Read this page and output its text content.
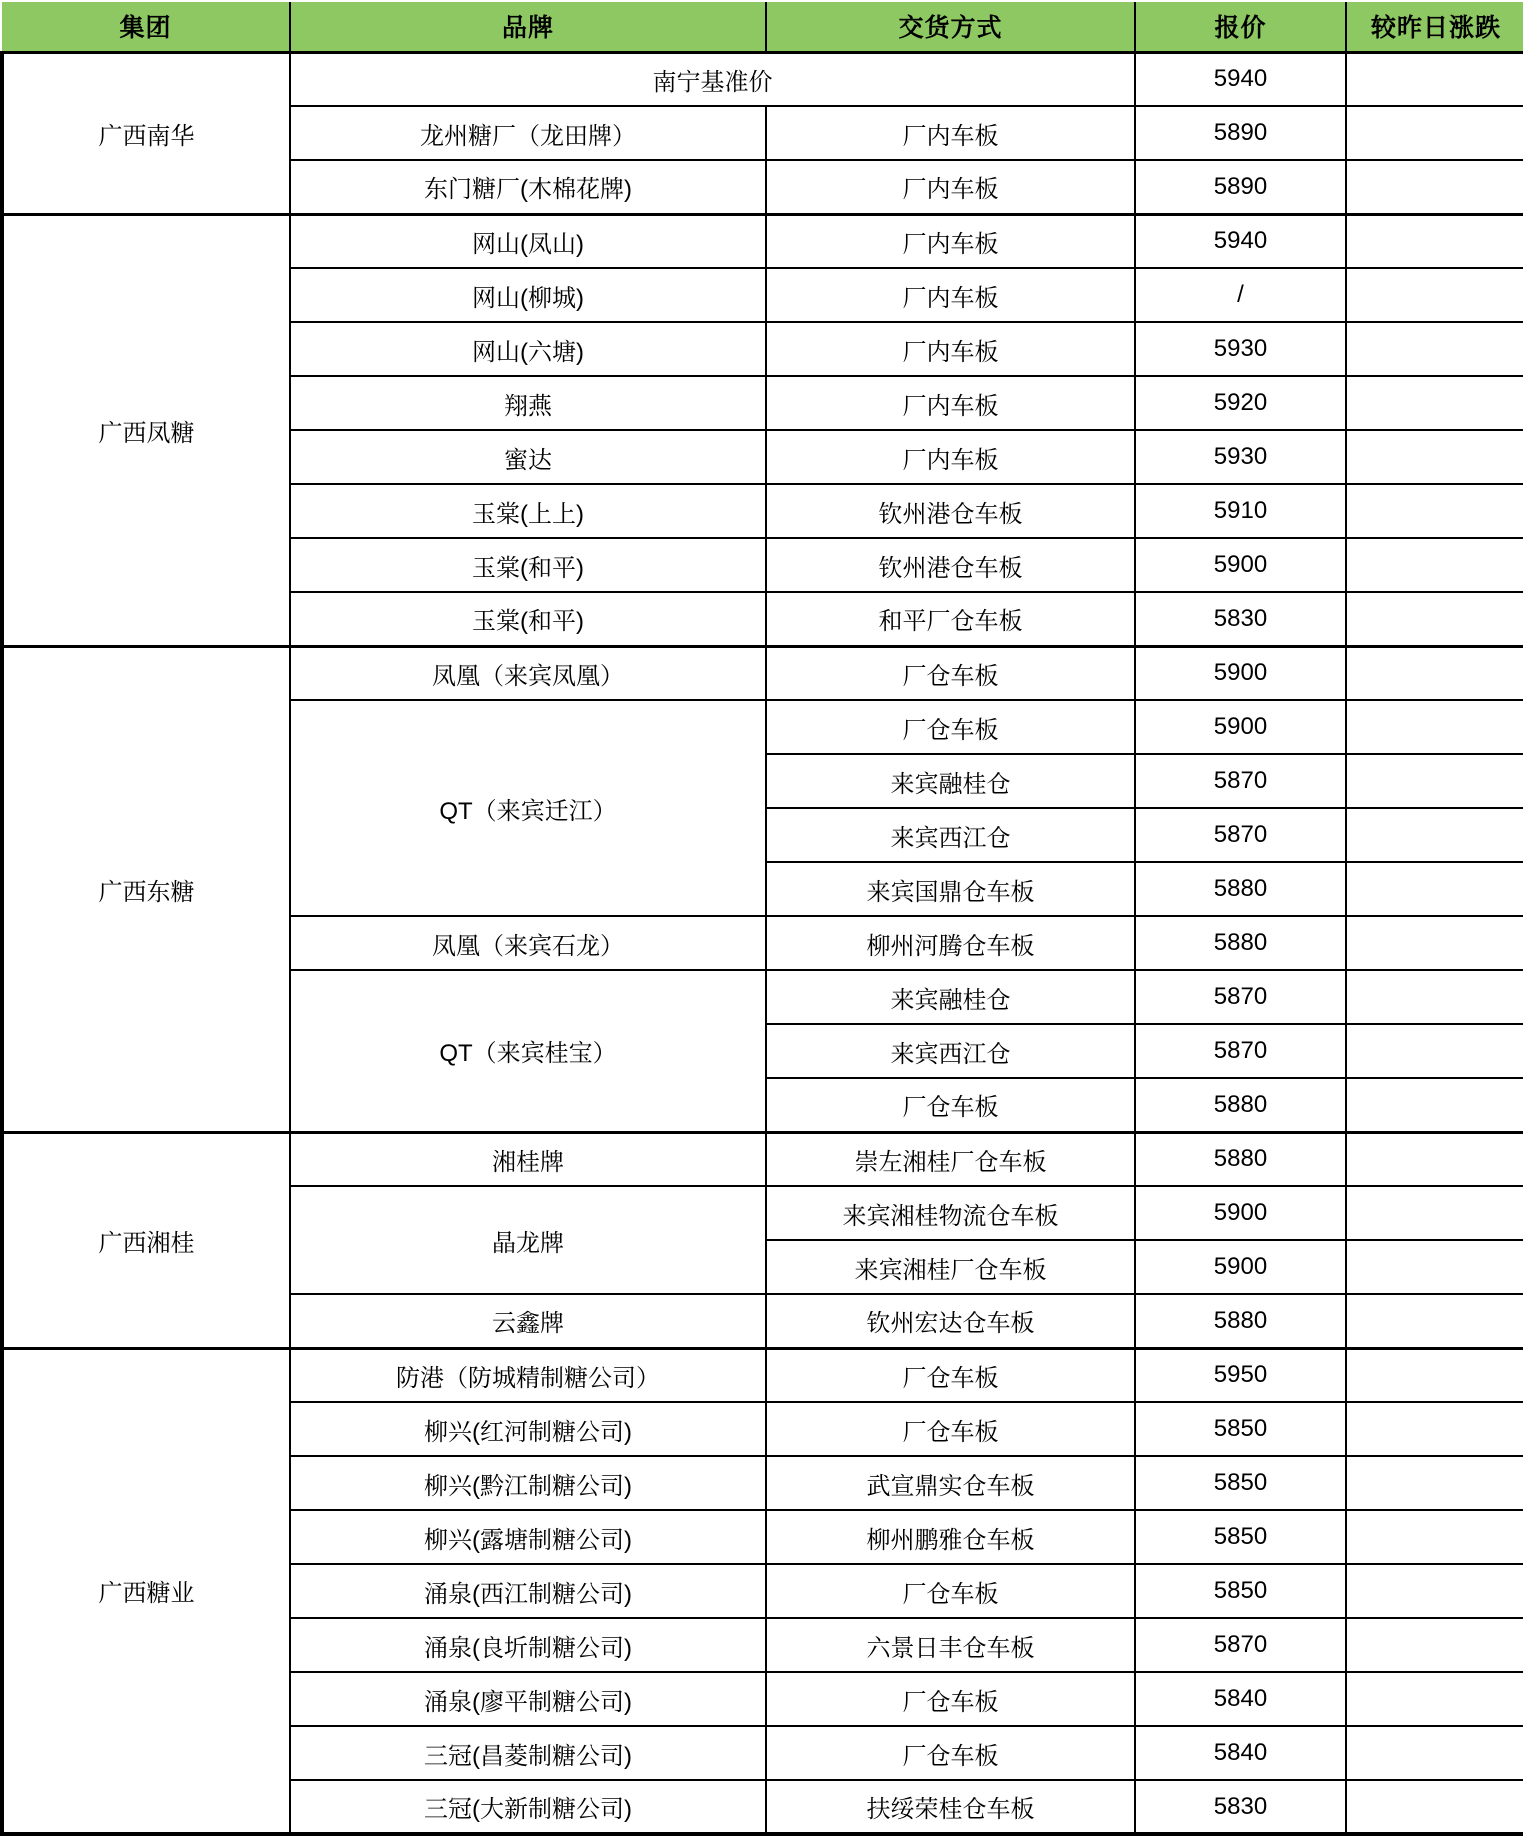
集团	品牌	交货方式	报价	较昨日涨跌
广西南华	南宁基准价		5940	
	龙州糖厂（龙田牌）	厂内车板	5890	
	东门糖厂(木棉花牌)	厂内车板	5890	
广西凤糖	网山(凤山)	厂内车板	5940	
	网山(柳城)	厂内车板	/	
	网山(六塘)	厂内车板	5930	
	翔燕	厂内车板	5920	
	蜜达	厂内车板	5930	
	玉棠(上上)	钦州港仓车板	5910	
	玉棠(和平)	钦州港仓车板	5900	
	玉棠(和平)	和平厂仓车板	5830	
广西东糖	凤凰（来宾凤凰）	厂仓车板	5900	
	QT（来宾迁江）	厂仓车板	5900	
		来宾融桂仓	5870	
		来宾西江仓	5870	
		来宾国鼎仓车板	5880	
	凤凰（来宾石龙）	柳州河腾仓车板	5880	
	QT（来宾桂宝）	来宾融桂仓	5870	
		来宾西江仓	5870	
		厂仓车板	5880	
广西湘桂	湘桂牌	崇左湘桂厂仓车板	5880	
	晶龙牌	来宾湘桂物流仓车板	5900	
		来宾湘桂厂仓车板	5900	
	云鑫牌	钦州宏达仓车板	5880	
广西糖业	防港（防城精制糖公司）	厂仓车板	5950	
	柳兴(红河制糖公司)	厂仓车板	5850	
	柳兴(黔江制糖公司)	武宣鼎实仓车板	5850	
	柳兴(露塘制糖公司)	柳州鹏雅仓车板	5850	
	涌泉(西江制糖公司)	厂仓车板	5850	
	涌泉(良圻制糖公司)	六景日丰仓车板	5870	
	涌泉(廖平制糖公司)	厂仓车板	5840	
	三冠(昌菱制糖公司)	厂仓车板	5840	
	三冠(大新制糖公司)	扶绥荣桂仓车板	5830	
